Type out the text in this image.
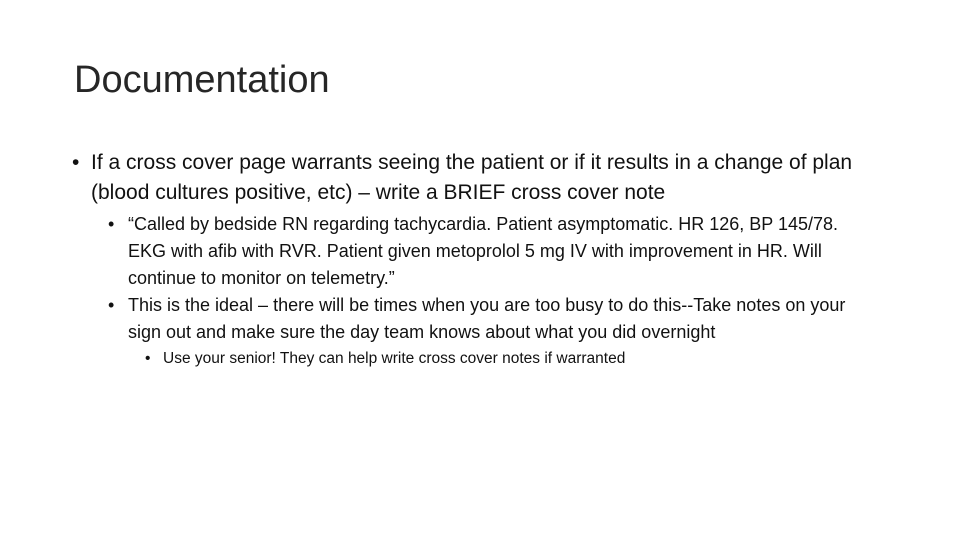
Documentation

• If a cross cover page warrants seeing the patient or if it results in a change of plan (blood cultures positive, etc) – write a BRIEF cross cover note

• “Called by bedside RN regarding tachycardia. Patient asymptomatic. HR 126, BP 145/78. EKG with afib with RVR. Patient given metoprolol 5 mg IV with improvement in HR. Will continue to monitor on telemetry.”

• This is the ideal – there will be times when you are too busy to do this--Take notes on your sign out and make sure the day team knows about what you did overnight

• Use your senior! They can help write cross cover notes if warranted
